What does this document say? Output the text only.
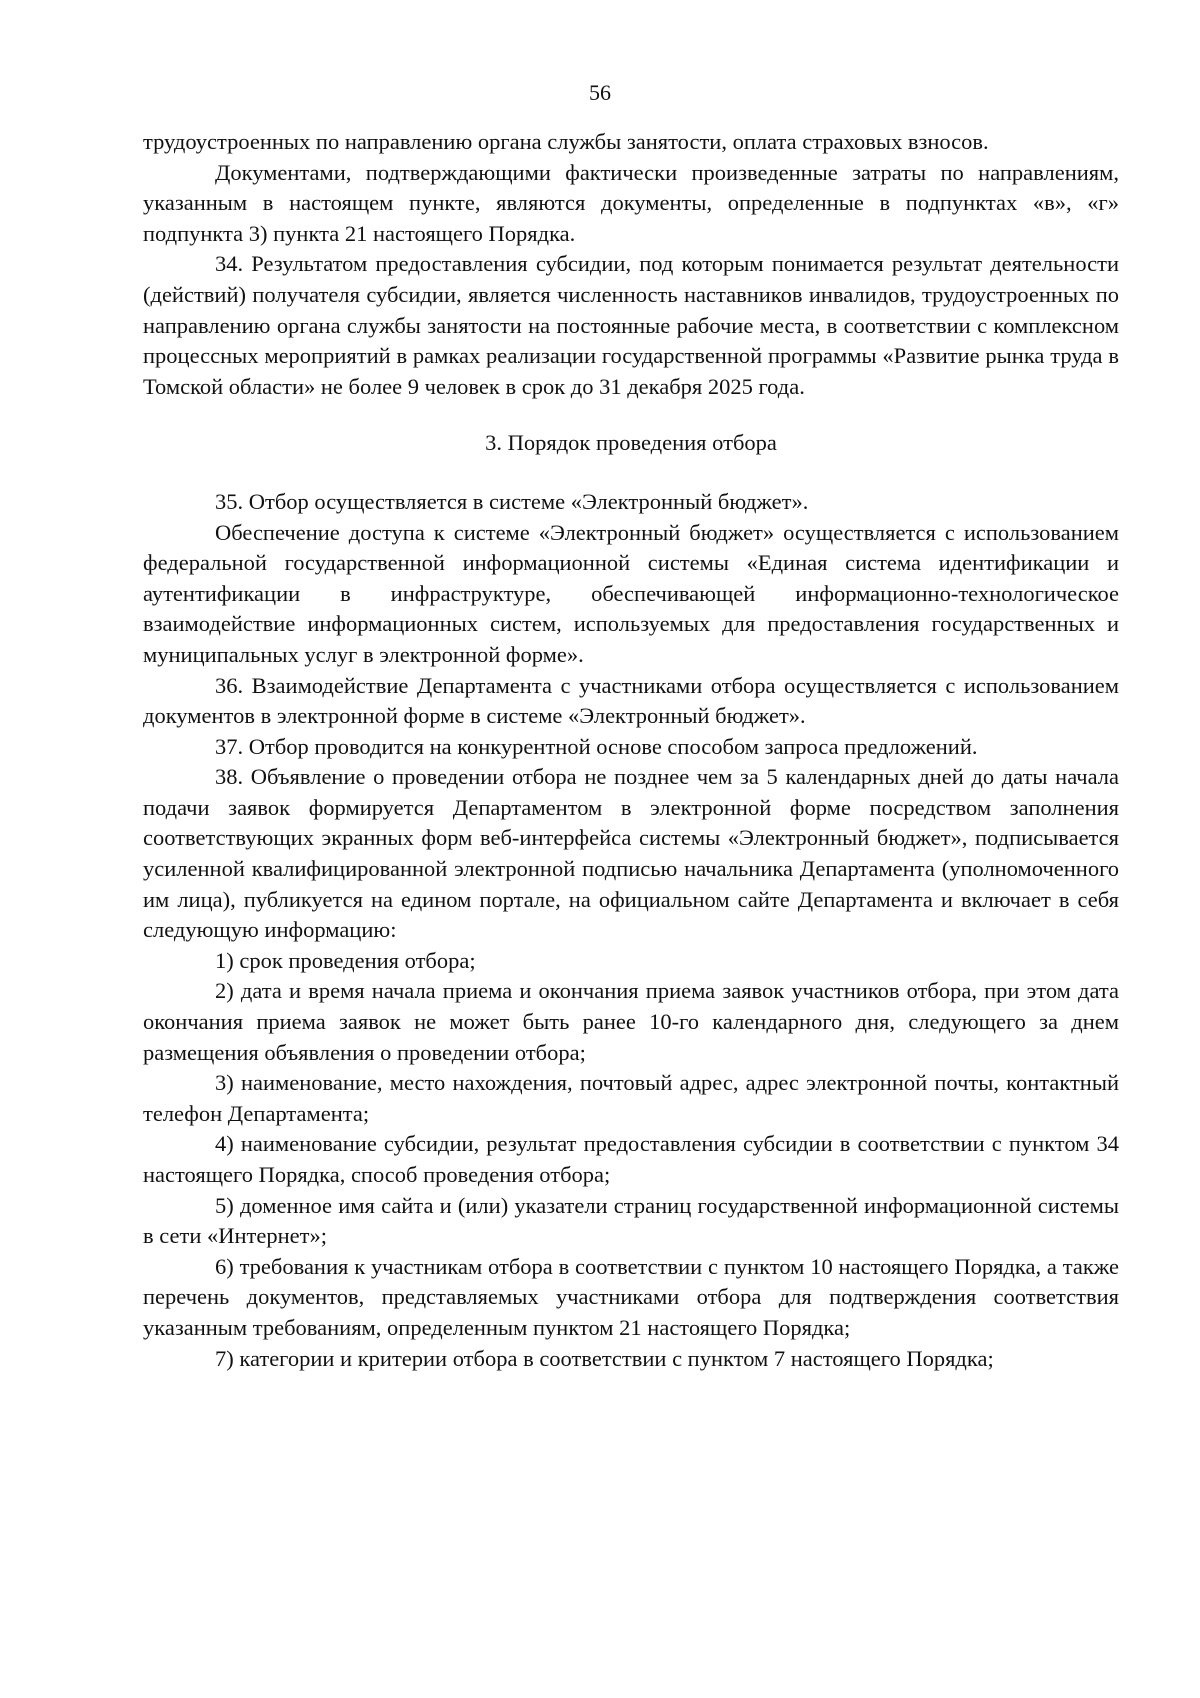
56

трудоустроенных по направлению органа службы занятости, оплата страховых взносов.

Документами, подтверждающими фактически произведенные затраты по направлениям, указанным в настоящем пункте, являются документы, определенные в подпунктах «в», «г» подпункта 3) пункта 21 настоящего Порядка.

34. Результатом предоставления субсидии, под которым понимается результат деятельности (действий) получателя субсидии, является численность наставников инвалидов, трудоустроенных по направлению органа службы занятости на постоянные рабочие места, в соответствии с комплексном процессных мероприятий в рамках реализации государственной программы «Развитие рынка труда в Томской области» не более 9 человек в срок до 31 декабря 2025 года.

3. Порядок проведения отбора

35. Отбор осуществляется в системе «Электронный бюджет».

Обеспечение доступа к системе «Электронный бюджет» осуществляется с использованием федеральной государственной информационной системы «Единая система идентификации и аутентификации в инфраструктуре, обеспечивающей информационно-технологическое взаимодействие информационных систем, используемых для предоставления государственных и муниципальных услуг в электронной форме».

36. Взаимодействие Департамента с участниками отбора осуществляется с использованием документов в электронной форме в системе «Электронный бюджет».

37. Отбор проводится на конкурентной основе способом запроса предложений.

38. Объявление о проведении отбора не позднее чем за 5 календарных дней до даты начала подачи заявок формируется Департаментом в электронной форме посредством заполнения соответствующих экранных форм веб-интерфейса системы «Электронный бюджет», подписывается усиленной квалифицированной электронной подписью начальника Департамента (уполномоченного им лица), публикуется на едином портале, на официальном сайте Департамента и включает в себя следующую информацию:

1) срок проведения отбора;

2) дата и время начала приема и окончания приема заявок участников отбора, при этом дата окончания приема заявок не может быть ранее 10-го календарного дня, следующего за днем размещения объявления о проведении отбора;

3) наименование, место нахождения, почтовый адрес, адрес электронной почты, контактный телефон Департамента;

4) наименование субсидии, результат предоставления субсидии в соответствии с пунктом 34 настоящего Порядка, способ проведения отбора;

5) доменное имя сайта и (или) указатели страниц государственной информационной системы в сети «Интернет»;

6) требования к участникам отбора в соответствии с пунктом 10 настоящего Порядка, а также перечень документов, представляемых участниками отбора для подтверждения соответствия указанным требованиям, определенным пунктом 21 настоящего Порядка;

7) категории и критерии отбора в соответствии с пунктом 7 настоящего Порядка;
